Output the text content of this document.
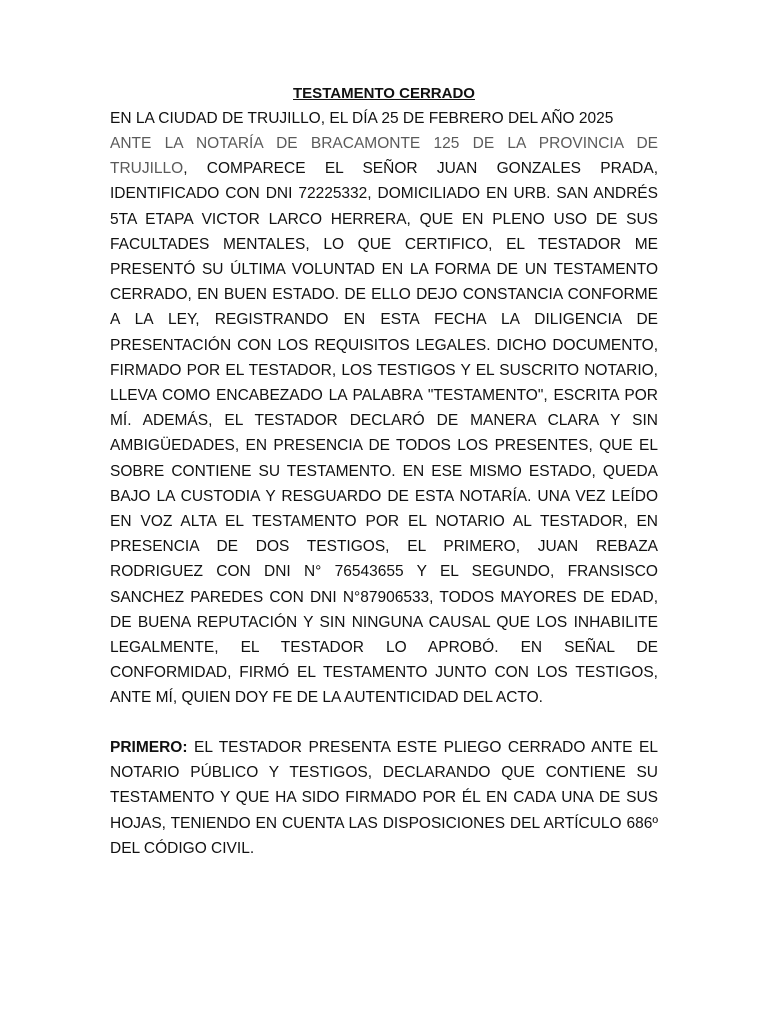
TESTAMENTO CERRADO
EN LA CIUDAD DE TRUJILLO, EL DÍA 25 DE FEBRERO DEL AÑO 2025

ANTE LA NOTARÍA DE BRACAMONTE 125 DE LA PROVINCIA DE TRUJILLO, COMPARECE EL SEÑOR JUAN GONZALES PRADA, IDENTIFICADO CON DNI 72225332, DOMICILIADO EN URB. SAN ANDRÉS 5TA ETAPA VICTOR LARCO HERRERA, QUE EN PLENO USO DE SUS FACULTADES MENTALES, LO QUE CERTIFICO, EL TESTADOR ME PRESENTÓ SU ÚLTIMA VOLUNTAD EN LA FORMA DE UN TESTAMENTO CERRADO, EN BUEN ESTADO. DE ELLO DEJO CONSTANCIA CONFORME A LA LEY, REGISTRANDO EN ESTA FECHA LA DILIGENCIA DE PRESENTACIÓN CON LOS REQUISITOS LEGALES. DICHO DOCUMENTO, FIRMADO POR EL TESTADOR, LOS TESTIGOS Y EL SUSCRITO NOTARIO, LLEVA COMO ENCABEZADO LA PALABRA "TESTAMENTO", ESCRITA POR MÍ. ADEMÁS, EL TESTADOR DECLARÓ DE MANERA CLARA Y SIN AMBIGÜEDADES, EN PRESENCIA DE TODOS LOS PRESENTES, QUE EL SOBRE CONTIENE SU TESTAMENTO. EN ESE MISMO ESTADO, QUEDA BAJO LA CUSTODIA Y RESGUARDO DE ESTA NOTARÍA. UNA VEZ LEÍDO EN VOZ ALTA EL TESTAMENTO POR EL NOTARIO AL TESTADOR, EN PRESENCIA DE DOS TESTIGOS, EL PRIMERO, JUAN REBAZA RODRIGUEZ CON DNI N° 76543655 Y EL SEGUNDO, FRANSISCO SANCHEZ PAREDES CON DNI N°87906533, TODOS MAYORES DE EDAD, DE BUENA REPUTACIÓN Y SIN NINGUNA CAUSAL QUE LOS INHABILITE LEGALMENTE, EL TESTADOR LO APROBÓ. EN SEÑAL DE CONFORMIDAD, FIRMÓ EL TESTAMENTO JUNTO CON LOS TESTIGOS, ANTE MÍ, QUIEN DOY FE DE LA AUTENTICIDAD DEL ACTO.

PRIMERO: EL TESTADOR PRESENTA ESTE PLIEGO CERRADO ANTE EL NOTARIO PÚBLICO Y TESTIGOS, DECLARANDO QUE CONTIENE SU TESTAMENTO Y QUE HA SIDO FIRMADO POR ÉL EN CADA UNA DE SUS HOJAS, TENIENDO EN CUENTA LAS DISPOSICIONES DEL ARTÍCULO 686º DEL CÓDIGO CIVIL.
